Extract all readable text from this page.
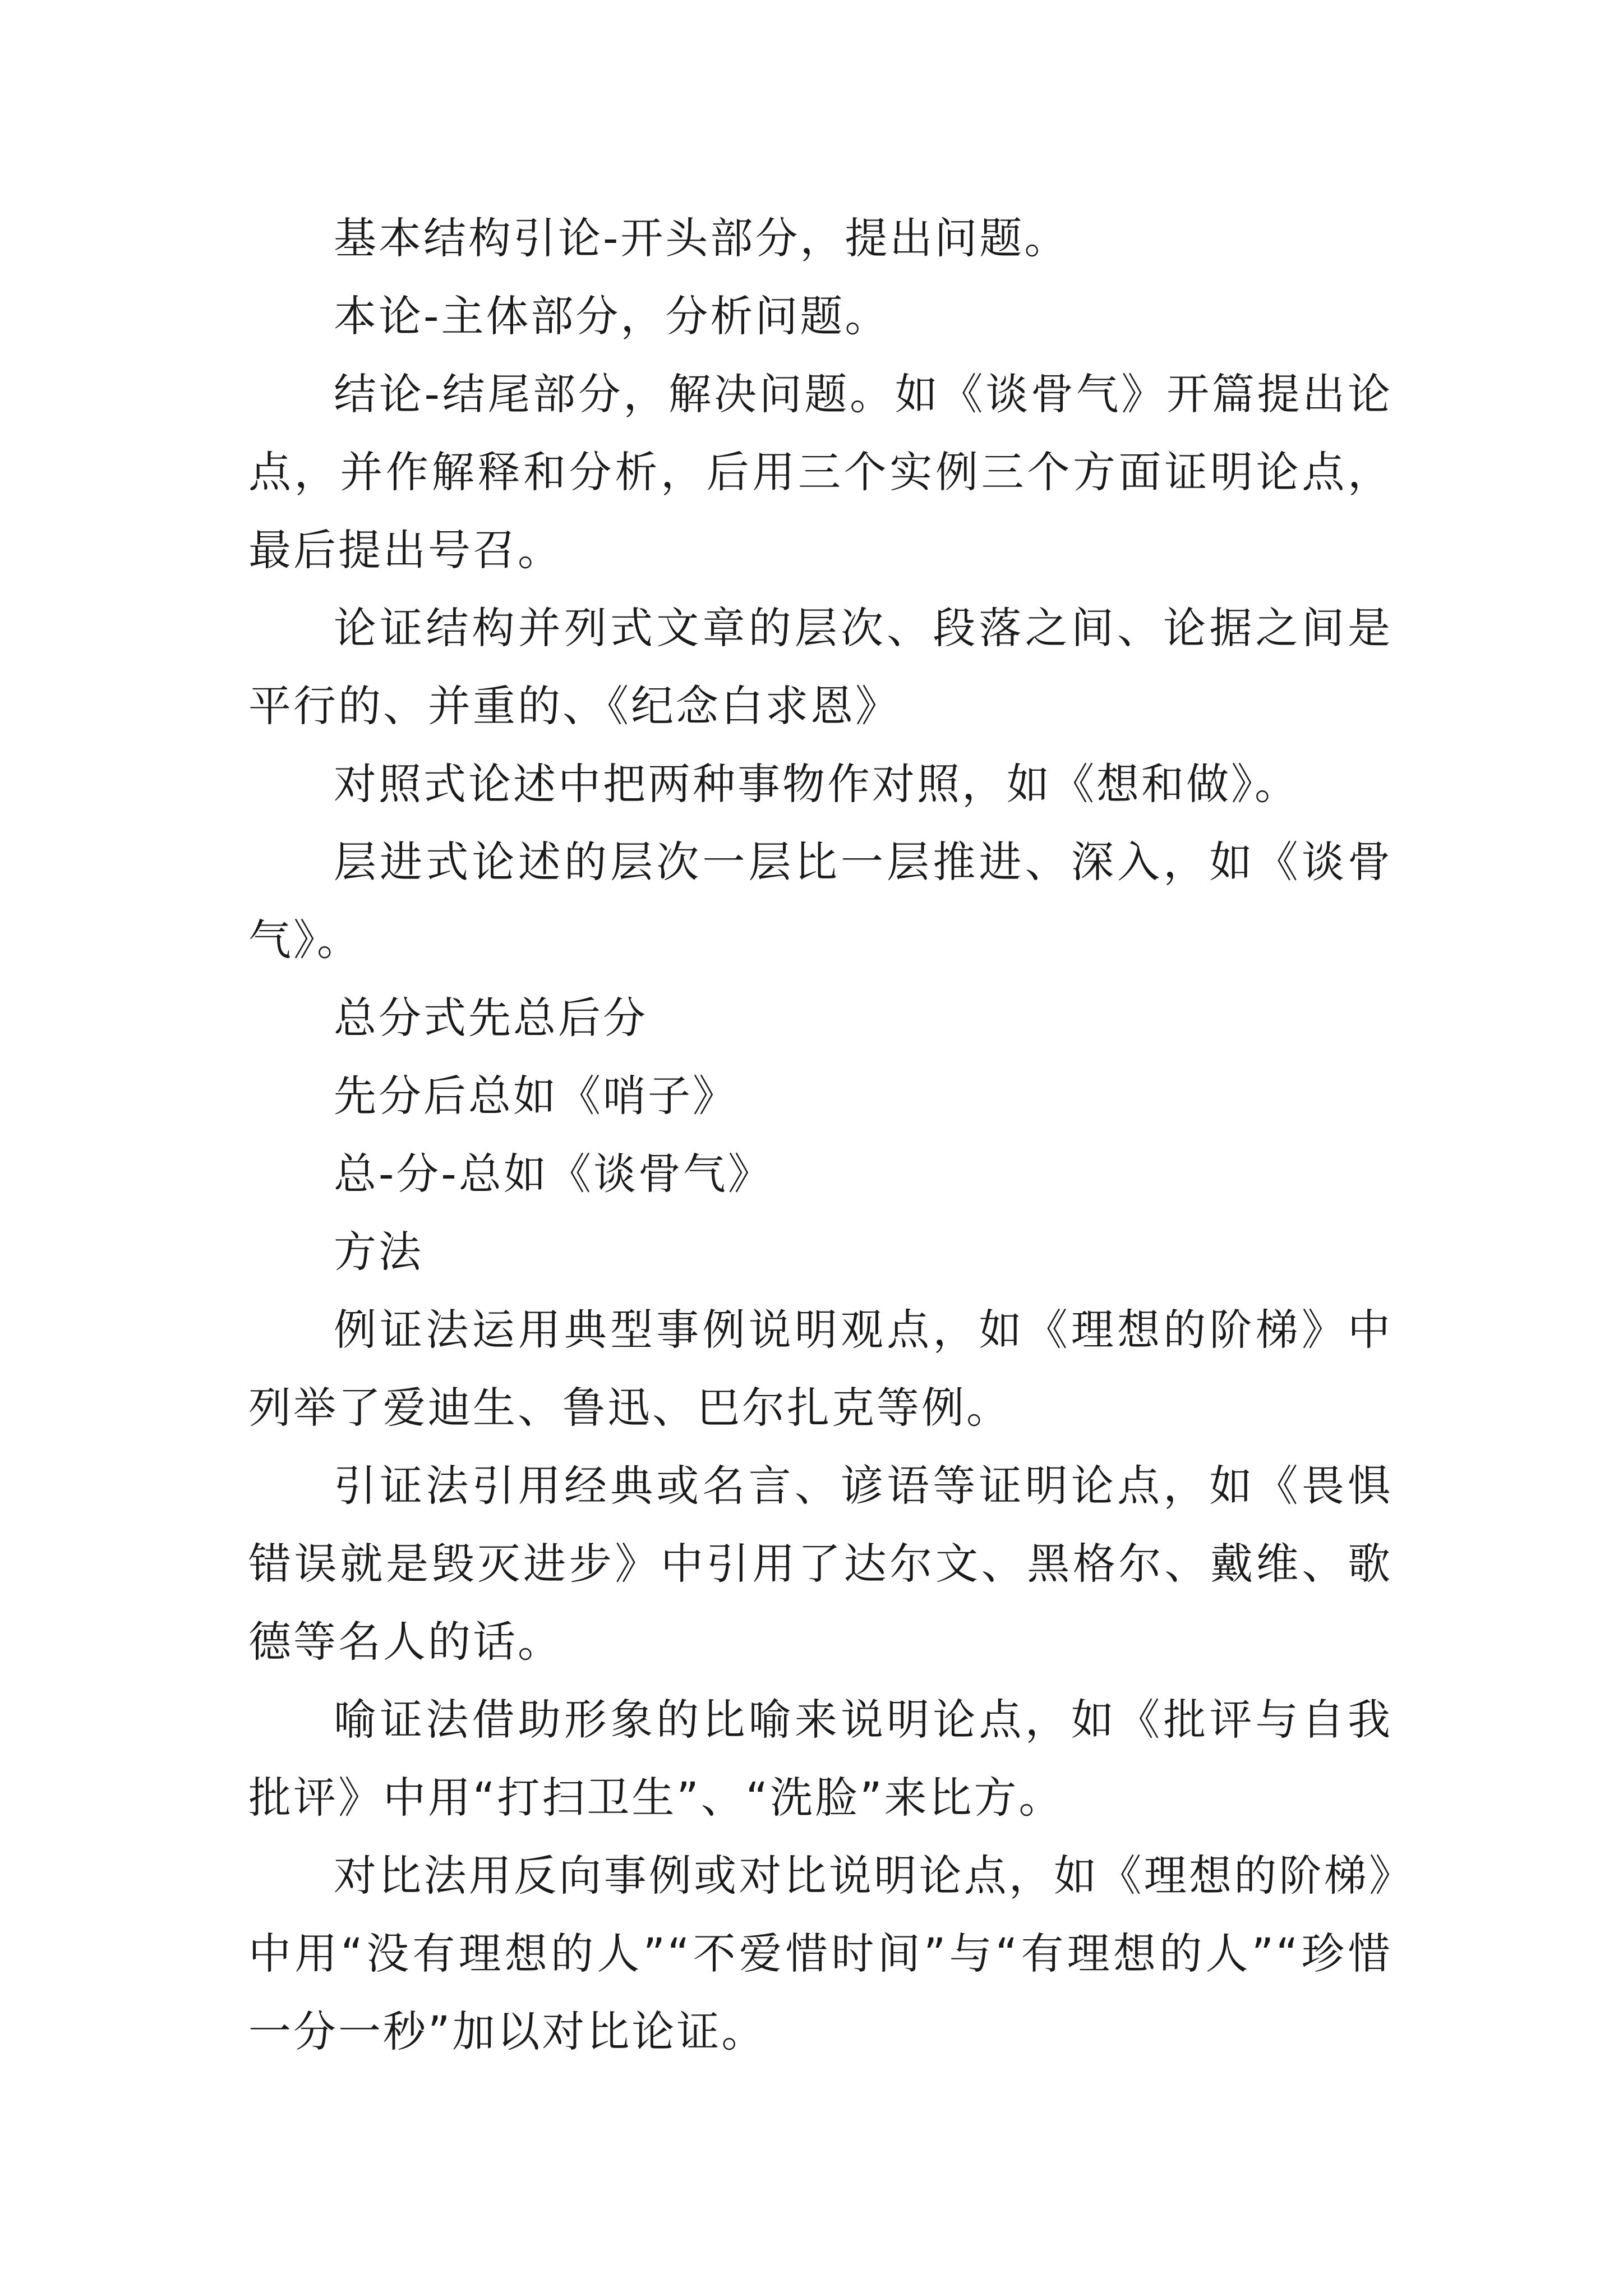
基本结构引论-开头部分，提出问题。

本论-主体部分，分析问题。

结论-结尾部分，解决问题。如《谈骨气》开篇提出论点，并作解释和分析，后用三个实例三个方面证明论点，最后提出号召。

论证结构并列式文章的层次、段落之间、论据之间是平行的、并重的、《纪念白求恩》

对照式论述中把两种事物作对照，如《想和做》。

层进式论述的层次一层比一层推进、深入，如《谈骨气》。

总分式先总后分

先分后总如《哨子》

总-分-总如《谈骨气》

方法

例证法运用典型事例说明观点，如《理想的阶梯》中列举了爱迪生、鲁迅、巴尔扎克等例。

引证法引用经典或名言、谚语等证明论点，如《畏惧错误就是毁灭进步》中引用了达尔文、黑格尔、戴维、歌德等名人的话。

喻证法借助形象的比喻来说明论点，如《批评与自我批评》中用“打扫卫生”、“洗脸”来比方。

对比法用反向事例或对比说明论点，如《理想的阶梯》中用“没有理想的人”“不爱惜时间”与“有理想的人”“珍惜一分一秒”加以对比论证。
